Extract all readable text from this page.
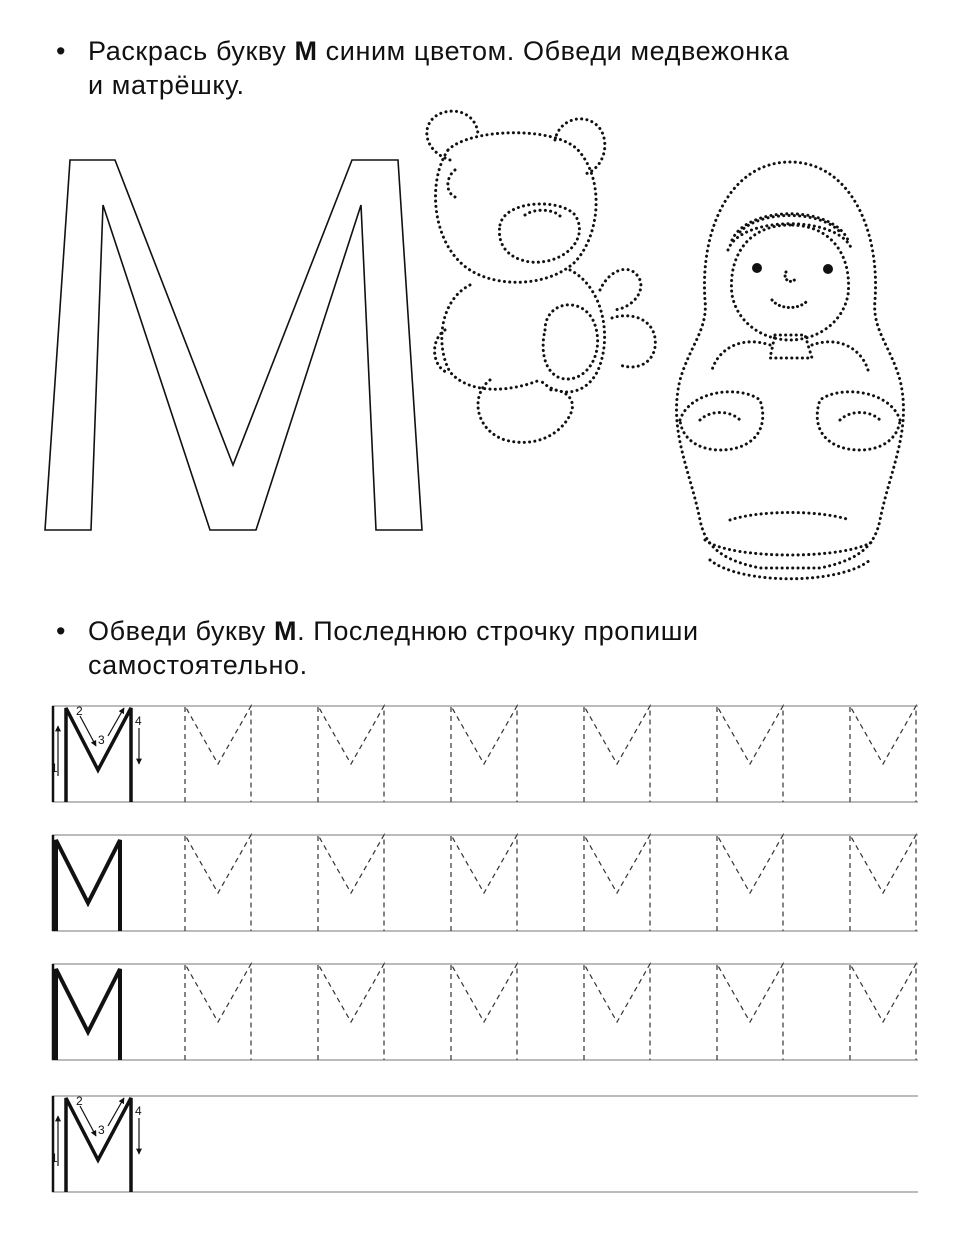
• Раскрась букву М синим цветом. Обведи медвежонка
и матрёшку.
• Обведи букву М. Последнюю строчку пропиши
самостоятельно.
1
2
3
4
1
2
3
4
